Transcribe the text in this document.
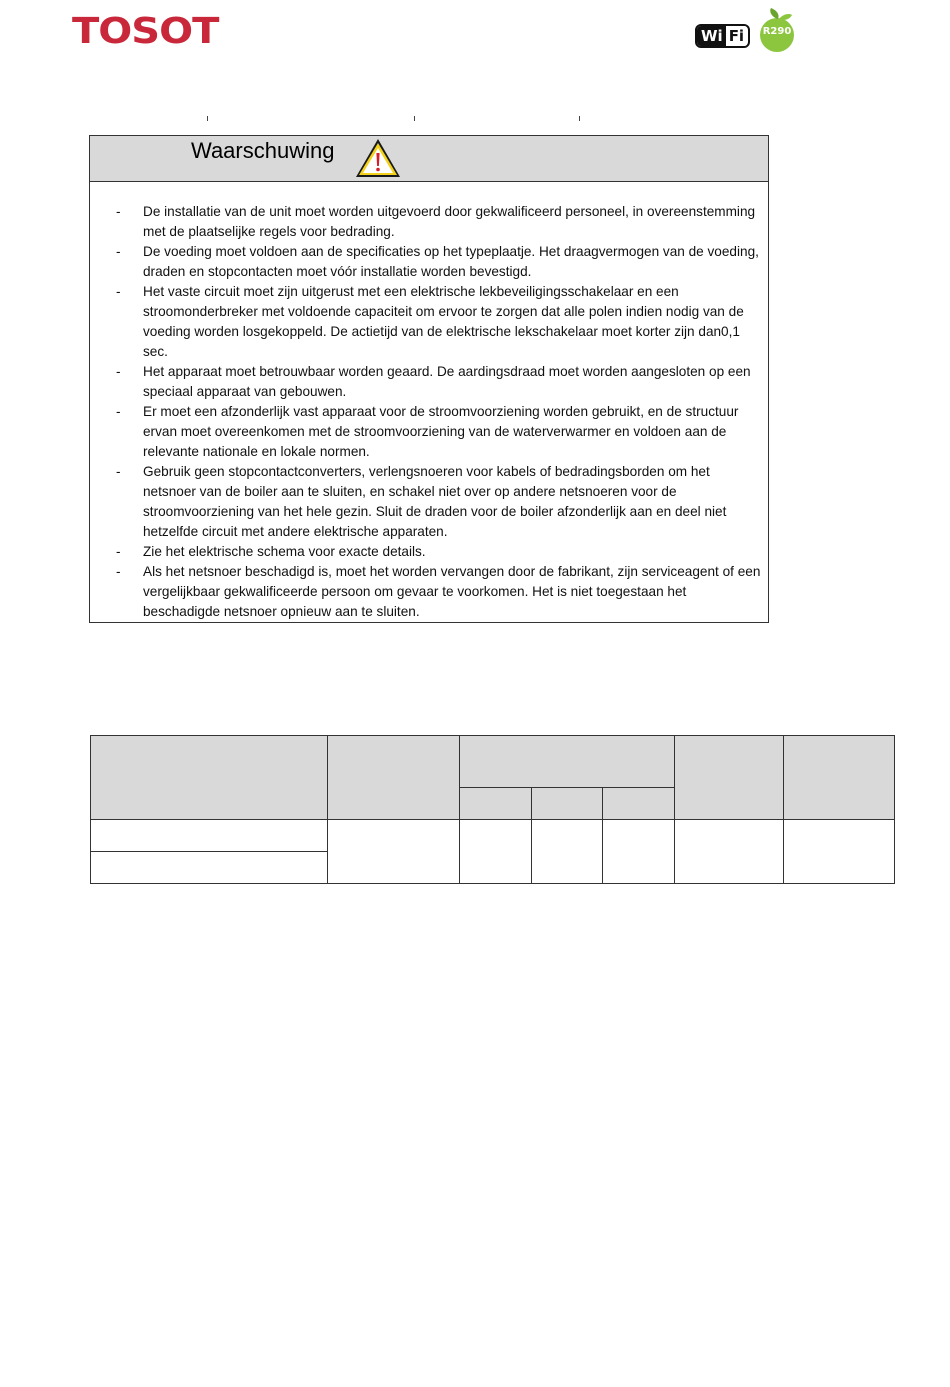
TOSOT	Wi Fi	R290
Waarschuwing
- De installatie van de unit moet worden uitgevoerd door gekwalificeerd personeel, in overeenstemming met de plaatselijke regels voor bedrading.
- De voeding moet voldoen aan de specificaties op het typeplaatje. Het draagvermogen van de voeding, draden en stopcontacten moet vóór installatie worden bevestigd.
- Het vaste circuit moet zijn uitgerust met een elektrische lekbeveiligingsschakelaar en een stroomonderbreker met voldoende capaciteit om ervoor te zorgen dat alle polen indien nodig van de voeding worden losgekoppeld. De actietijd van de elektrische lekschakelaar moet korter zijn dan0,1 sec.
- Het apparaat moet betrouwbaar worden geaard. De aardingsdraad moet worden aangesloten op een speciaal apparaat van gebouwen.
- Er moet een afzonderlijk vast apparaat voor de stroomvoorziening worden gebruikt, en de structuur ervan moet overeenkomen met de stroomvoorziening van de waterverwarmer en voldoen aan de relevante nationale en lokale normen.
- Gebruik geen stopcontactconverters, verlengsnoeren voor kabels of bedradingsborden om het netsnoer van de boiler aan te sluiten, en schakel niet over op andere netsnoeren voor de stroomvoorziening van het hele gezin. Sluit de draden voor de boiler afzonderlijk aan en deel niet hetzelfde circuit met andere elektrische apparaten.
- Zie het elektrische schema voor exacte details.
- Als het netsnoer beschadigd is, moet het worden vervangen door de fabrikant, zijn serviceagent of een vergelijkbaar gekwalificeerde persoon om gevaar te voorkomen. Het is niet toegestaan het beschadigde netsnoer opnieuw aan te sluiten.
